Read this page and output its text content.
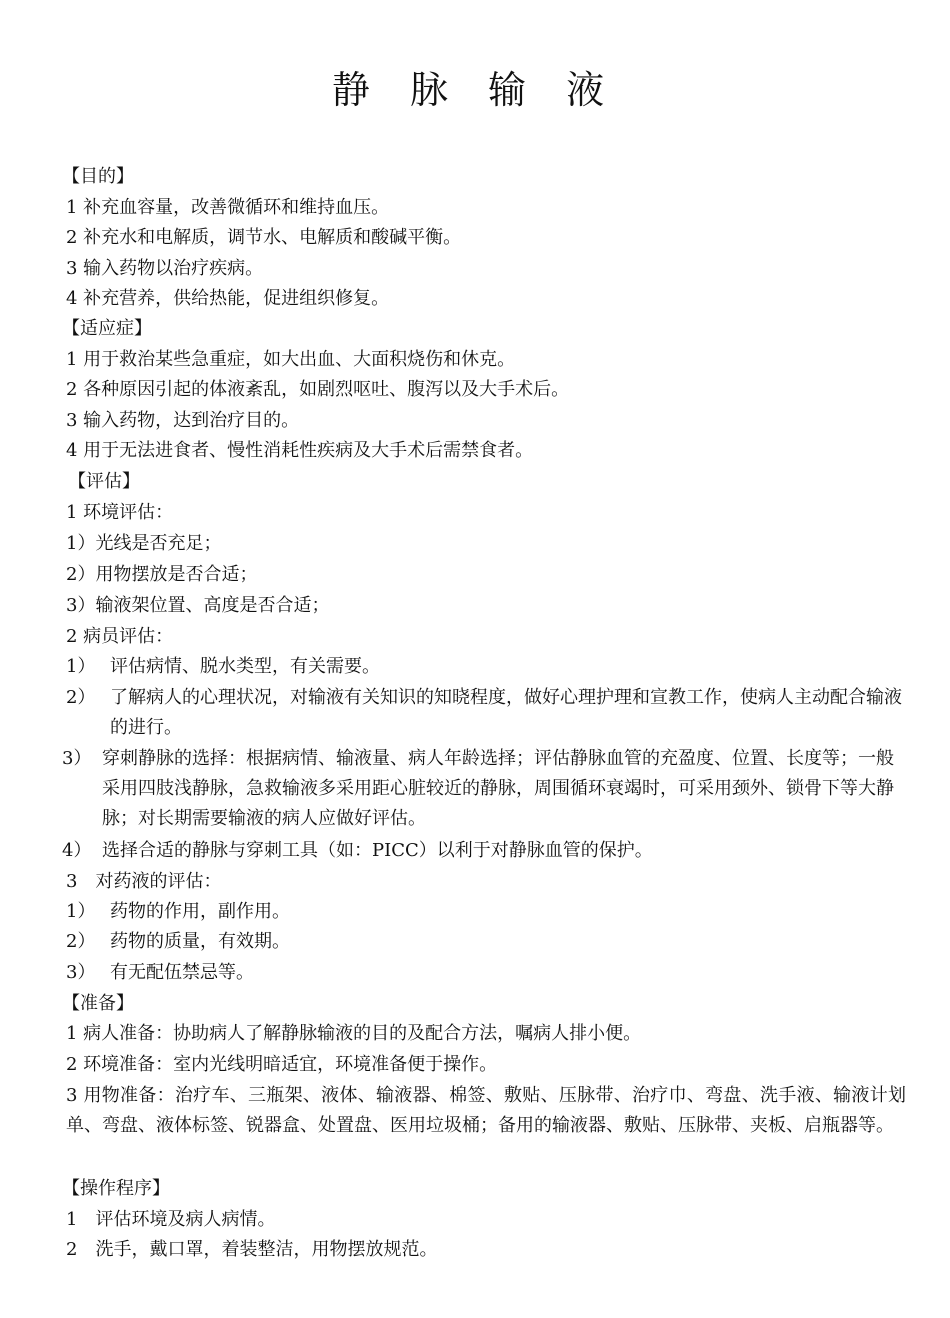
静 脉 输 液
【目的】
1 补充血容量，改善微循环和维持血压。
2 补充水和电解质，调节水、电解质和酸碱平衡。
3 输入药物以治疗疾病。
4 补充营养，供给热能，促进组织修复。
【适应症】
1 用于救治某些急重症，如大出血、大面积烧伤和休克。
2 各种原因引起的体液紊乱，如剧烈呕吐、腹泻以及大手术后。
3 输入药物，达到治疗目的。
4 用于无法进食者、慢性消耗性疾病及大手术后需禁食者。
【评估】
1 环境评估：
1）光线是否充足；
2）用物摆放是否合适；
3）输液架位置、高度是否合适；
2 病员评估：
1） 评估病情、脱水类型，有关需要。
2） 了解病人的心理状况，对输液有关知识的知晓程度，做好心理护理和宣教工作，使病人主动配合输液的进行。
3） 穿刺静脉的选择：根据病情、输液量、病人年龄选择；评估静脉血管的充盈度、位置、长度等；一般采用四肢浅静脉，急救输液多采用距心脏较近的静脉，周围循环衰竭时，可采用颈外、锁骨下等大静脉；对长期需要输液的病人应做好评估。
4） 选择合适的静脉与穿刺工具（如：PICC）以利于对静脉血管的保护。
3　对药液的评估：
1） 药物的作用，副作用。
2） 药物的质量，有效期。
3） 有无配伍禁忌等。
【准备】
1 病人准备：协助病人了解静脉输液的目的及配合方法，嘱病人排小便。
2 环境准备：室内光线明暗适宜，环境准备便于操作。
3 用物准备：治疗车、三瓶架、液体、输液器、棉签、敷贴、压脉带、治疗巾、弯盘、洗手液、输液计划单、弯盘、液体标签、锐器盒、处置盘、医用垃圾桶；备用的输液器、敷贴、压脉带、夹板、启瓶器等。
【操作程序】
1　评估环境及病人病情。
2　洗手，戴口罩，着装整洁，用物摆放规范。
